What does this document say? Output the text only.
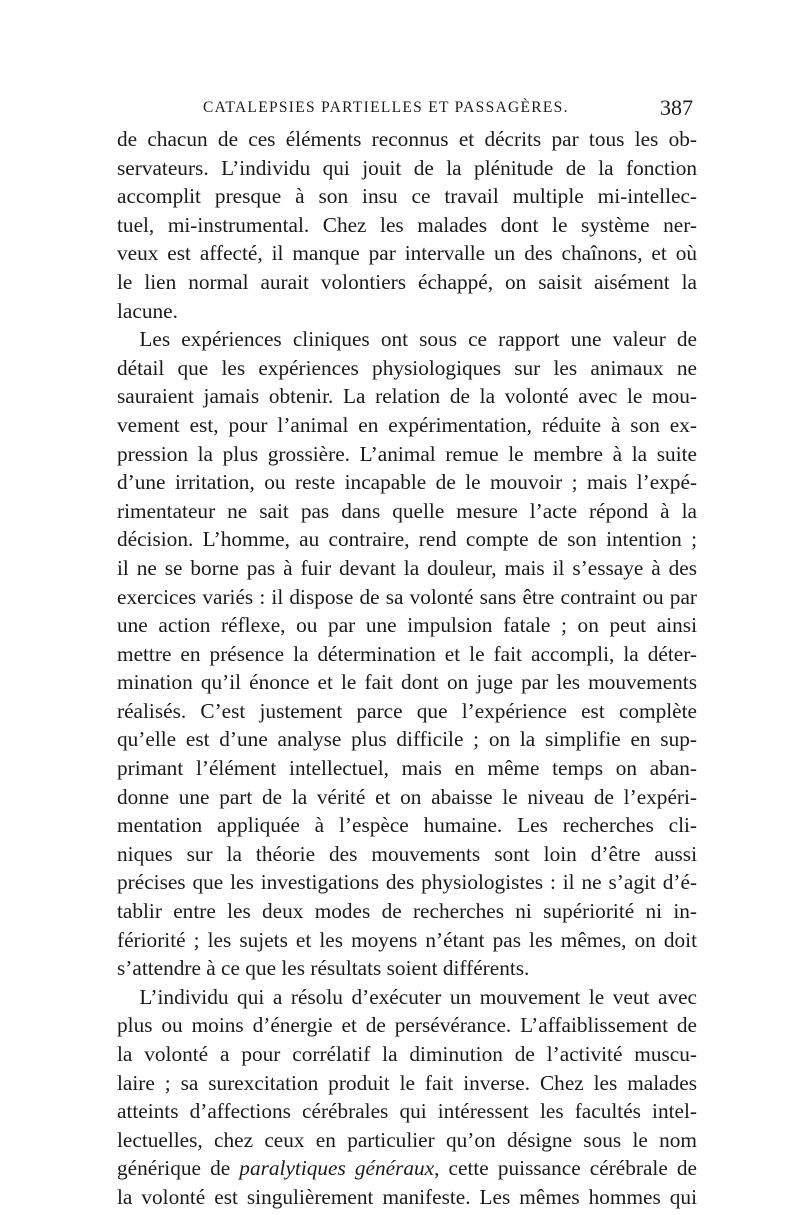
CATALEPSIES PARTIELLES ET PASSAGÈRES.	387
de chacun de ces éléments reconnus et décrits par tous les ob-
servateurs. L’individu qui jouit de la plénitude de la fonction
accomplit presque à son insu ce travail multiple mi-intellec-
tuel, mi-instrumental. Chez les malades dont le système ner-
veux est affecté, il manque par intervalle un des chaînons, et où
le lien normal aurait volontiers échappé, on saisit aisément la
lacune.
Les expériences cliniques ont sous ce rapport une valeur de
détail que les expériences physiologiques sur les animaux ne
sauraient jamais obtenir. La relation de la volonté avec le mou-
vement est, pour l’animal en expérimentation, réduite à son ex-
pression la plus grossière. L’animal remue le membre à la suite
d’une irritation, ou reste incapable de le mouvoir ; mais l’expé-
rimentateur ne sait pas dans quelle mesure l’acte répond à la
décision. L’homme, au contraire, rend compte de son intention ;
il ne se borne pas à fuir devant la douleur, mais il s’essaye à des
exercices variés : il dispose de sa volonté sans être contraint ou par
une action réflexe, ou par une impulsion fatale ; on peut ainsi
mettre en présence la détermination et le fait accompli, la déter-
mination qu’il énonce et le fait dont on juge par les mouvements
réalisés. C’est justement parce que l’expérience est complète
qu’elle est d’une analyse plus difficile ; on la simplifie en sup-
primant l’élément intellectuel, mais en même temps on aban-
donne une part de la vérité et on abaisse le niveau de l’expéri-
mentation appliquée à l’espèce humaine. Les recherches cli-
niques sur la théorie des mouvements sont loin d’être aussi
précises que les investigations des physiologistes : il ne s’agit d’é-
tablir entre les deux modes de recherches ni supériorité ni in-
fériorité ; les sujets et les moyens n’étant pas les mêmes, on doit
s’attendre à ce que les résultats soient différents.
L’individu qui a résolu d’exécuter un mouvement le veut avec
plus ou moins d’énergie et de persévérance. L’affaiblissement de
la volonté a pour corrélatif la diminution de l’activité muscu-
laire ; sa surexcitation produit le fait inverse. Chez les malades
atteints d’affections cérébrales qui intéressent les facultés intel-
lectuelles, chez ceux en particulier qu’on désigne sous le nom
générique de paralytiques généraux, cette puissance cérébrale de
la volonté est singulièrement manifeste. Les mêmes hommes qui
